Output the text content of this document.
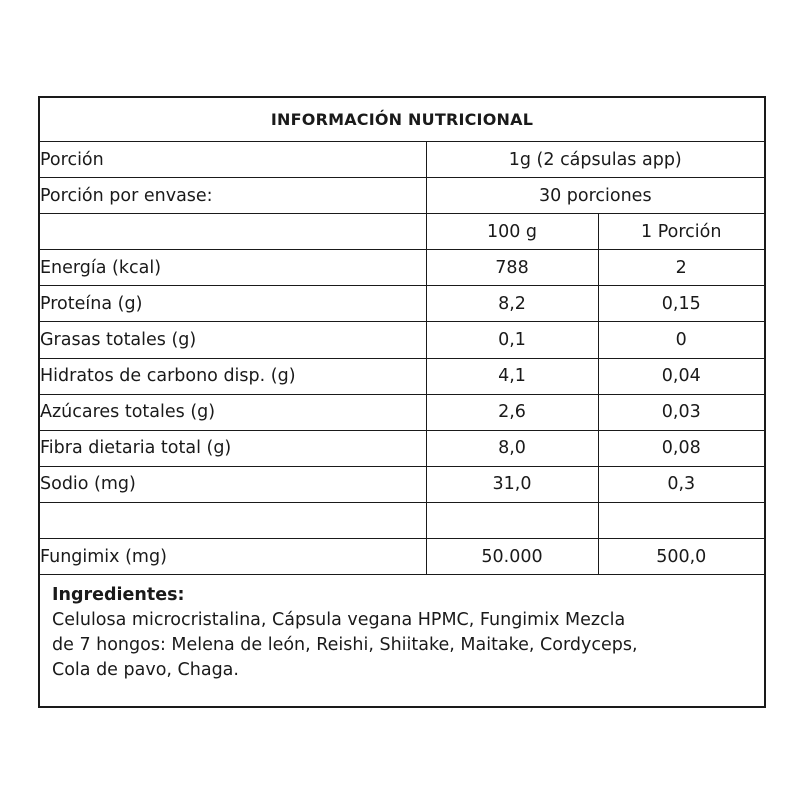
INFORMACIÓN NUTRICIONAL
Porción	1g (2 cápsulas app)	
Porción por envase:	30 porciones	
	100 g	1 Porción
Energía (kcal)	788	2
Proteína (g)	8,2	0,15
Grasas totales (g)	0,1	0
Hidratos de carbono disp. (g)	4,1	0,04
Azúcares totales (g)	2,6	0,03
Fibra dietaria total (g)	8,0	0,08
Sodio (mg)	31,0	0,3

Fungimix (mg)	50.000	500,0
Ingredientes:
Celulosa microcristalina, Cápsula vegana HPMC, Fungimix Mezcla
de 7 hongos: Melena de león, Reishi, Shiitake, Maitake, Cordyceps,
Cola de pavo, Chaga.
